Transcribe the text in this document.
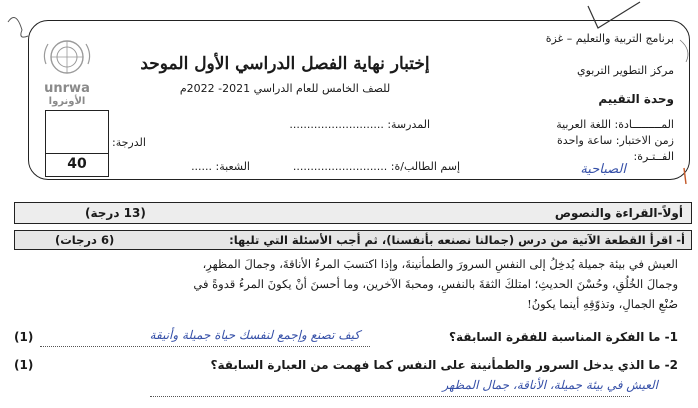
برنامج التربية والتعليم – غزة
مركز التطوير التربوي
وحدة التقييم
إختبار نهاية الفصل الدراسي الأول الموحد
للصف الخامس للعام الدراسي 2021- 2022م
unrwa
الأونروا
40
الدرجة:
المـــــــــادة: اللغة العربية
زمن الاختبار: ساعة واحدة
الفــتـرة:
الصباحية
المدرسة: ...........................
إسم الطالب/ة: ...........................
الشعبة: ......
أولاً-القراءة والنصوص
(13 درجة)
أ- اقرأ القطعة الآتية من درس (جمالنا نصنعه بأنفسنا)، ثم أجب الأسئلة التي تليها:
(6 درجات)
العيش في بيئة جميلة يُدخِلُ إلى النفسِ السرورَ والطمأنينةَ، وإذا اكتسبَ المرءُ الأناقةَ، وجمالَ المظهرِ،
وجمالَ الخُلُقِ، وحُسْنَ الحديثِ؛ امتلكَ الثقةَ بالنفسِ، ومحبةَ الآخرين، وما أحسنَ أنْ يكونَ المرءُ قدوةً في
صُنْعِ الجمالِ، وتذوّقِهِ أينما يكونُ!
1- ما الفكرة المناسبة للفقرة السابقة؟
كيف تصنع وإجمع لنفسك حياة جميلة وأنيقة
(1)
2- ما الذي يدخل السرور والطمأنينة على النفس كما فهمت من العبارة السابقة؟
(1)
العيش في بيئة جميلة، الأناقة، جمال المظهر
